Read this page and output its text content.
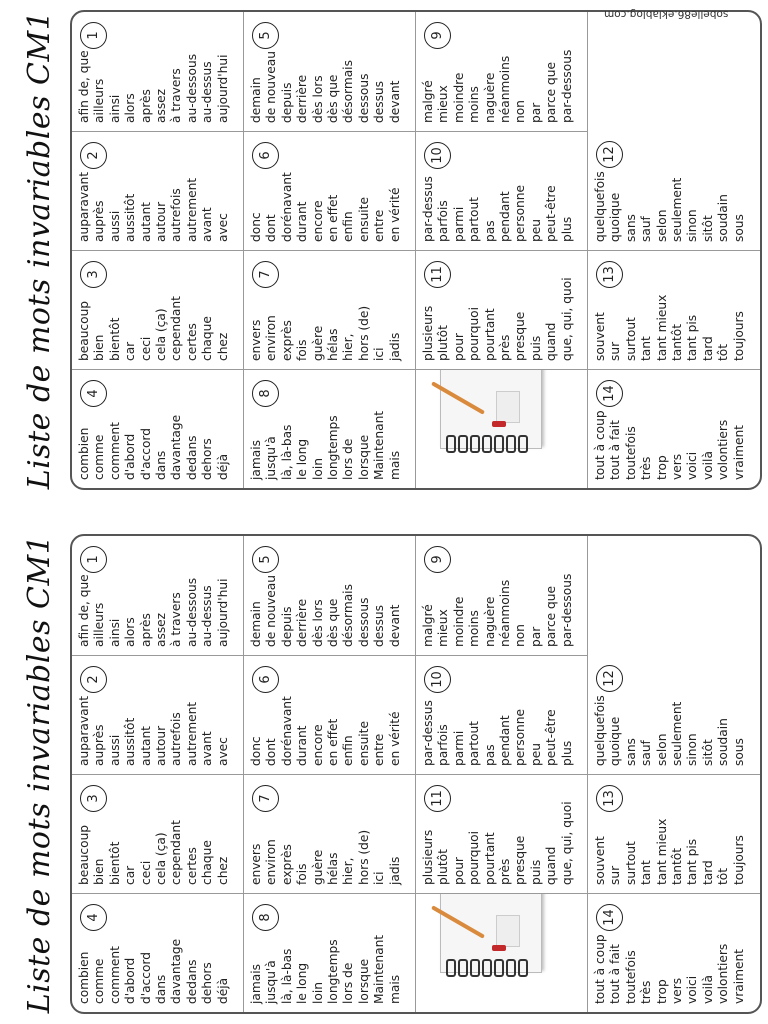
Liste de mots invariables CM1	combien comme comment d'abord d'accord dans davantage dedans dehors déjà
4
beaucoup bien bientôt car ceci cela (ça) cependant certes chaque chez
3
auparavant auprès aussi aussitôt autant autour autrefois autrement avant avec
2
afin de, que ailleurs ainsi alors après assez à travers au-dessous au-dessus aujourd'hui
1
jamais jusqu'à là, là-bas le long loin longtemps lors de lorsque Maintenant mais
8
envers environ exprès fois guère hélas hier, hors (de) ici jadis
7
donc dont dorénavant durant encore en effet enfin ensuite entre en vérité
6
demain de nouveau depuis derrière dès lors dès que désormais dessous dessus devant
5
plusieurs plutôt pour pourquoi pourtant près presque puis quand que, qui, quoi
11
par-dessus parfois parmi partout pas pendant personne peu peut-être plus
10
malgré mieux moindre moins naguère néanmoins non par parce que par-dessous
9
tout à coup tout à fait toutefois très trop vers voici voilà volontiers vraiment
14
souvent sur surtout tant tant mieux tantôt tant pis tard tôt toujours
13
quelquefois quoique sans sauf selon seulement sinon sitôt soudain sous
12
Liste de mots invariables CM1	combien comme comment d'abord d'accord dans davantage dedans dehors déjà
4
beaucoup bien bientôt car ceci cela (ça) cependant certes chaque chez
3
auparavant auprès aussi aussitôt autant autour autrefois autrement avant avec
2
afin de, que ailleurs ainsi alors après assez à travers au-dessous au-dessus aujourd'hui
1
jamais jusqu'à là, là-bas le long loin longtemps lors de lorsque Maintenant mais
8
envers environ exprès fois guère hélas hier, hors (de) ici jadis
7
donc dont dorénavant durant encore en effet enfin ensuite entre en vérité
6
demain de nouveau depuis derrière dès lors dès que désormais dessous dessus devant
5
plusieurs plutôt pour pourquoi pourtant près presque puis quand que, qui, quoi
11
par-dessus parfois parmi partout pas pendant personne peu peut-être plus
10
malgré mieux moindre moins naguère néanmoins non par parce que par-dessous
9
tout à coup tout à fait toutefois très trop vers voici voilà volontiers vraiment
14
souvent sur surtout tant tant mieux tantôt tant pis tard tôt toujours
13
quelquefois quoique sans sauf selon seulement sinon sitôt soudain sous
12
sobelle86.eklablog.com
